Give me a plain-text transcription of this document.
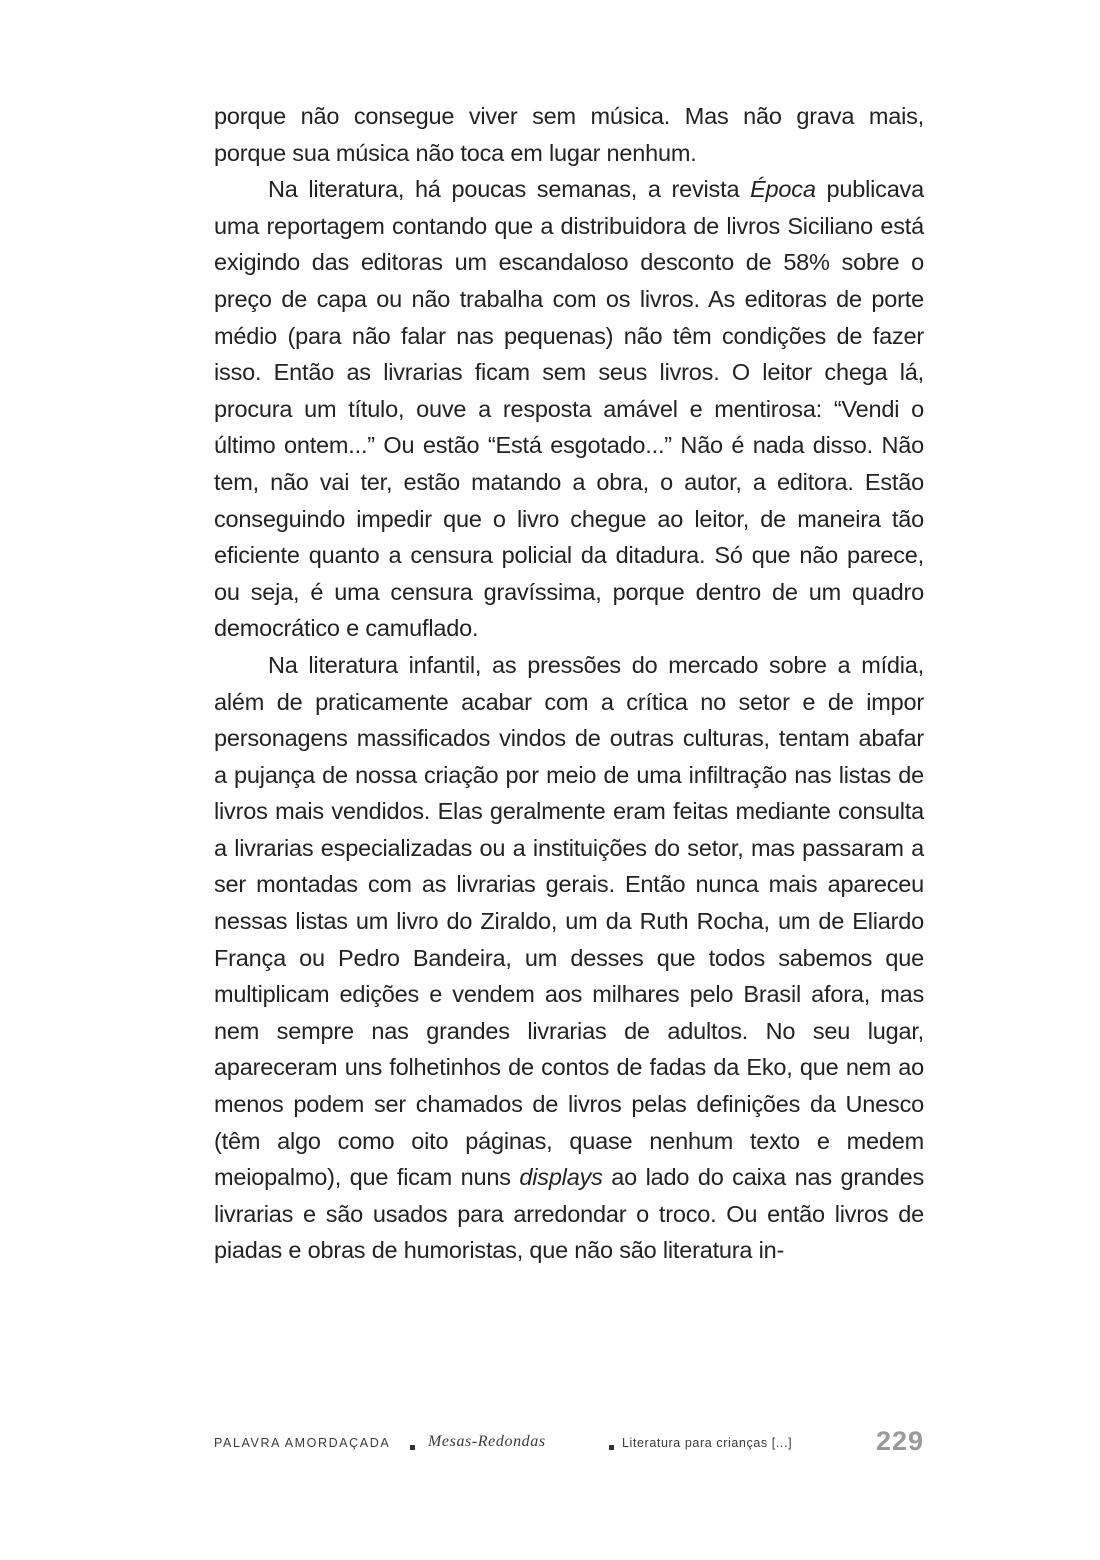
porque não consegue viver sem música. Mas não grava mais, porque sua música não toca em lugar nenhum.

Na literatura, há poucas semanas, a revista Época publicava uma reportagem contando que a distribuidora de livros Siciliano está exigindo das editoras um escandaloso desconto de 58% sobre o preço de capa ou não trabalha com os livros. As editoras de porte médio (para não falar nas pequenas) não têm condições de fazer isso. Então as livrarias ficam sem seus livros. O leitor chega lá, procura um título, ouve a resposta amável e mentirosa: “Vendi o último ontem...” Ou estão “Está esgotado...” Não é nada disso. Não tem, não vai ter, estão matando a obra, o autor, a editora. Estão conseguindo impedir que o livro chegue ao leitor, de maneira tão eficiente quanto a censura policial da ditadura. Só que não parece, ou seja, é uma censura gravíssima, porque dentro de um quadro democrático e camuflado.

Na literatura infantil, as pressões do mercado sobre a mídia, além de praticamente acabar com a crítica no setor e de impor personagens massificados vindos de outras culturas, tentam abafar a pujança de nossa criação por meio de uma infiltração nas listas de livros mais vendidos. Elas geralmente eram feitas mediante consulta a livrarias especializadas ou a instituições do setor, mas passaram a ser montadas com as livrarias gerais. Então nunca mais apareceu nessas listas um livro do Ziraldo, um da Ruth Rocha, um de Eliardo França ou Pedro Bandeira, um desses que todos sabemos que multiplicam edições e vendem aos milhares pelo Brasil afora, mas nem sempre nas grandes livrarias de adultos. No seu lugar, apareceram uns folhetinhos de contos de fadas da Eko, que nem ao menos podem ser chamados de livros pelas definições da Unesco (têm algo como oito páginas, quase nenhum texto e medem meiopalmo), que ficam nuns displays ao lado do caixa nas grandes livrarias e são usados para arredondar o troco. Ou então livros de piadas e obras de humoristas, que não são literatura in-

PALAVRA AMORDAÇADA Mesas-Redondas	Literatura para crianças [...]	229
